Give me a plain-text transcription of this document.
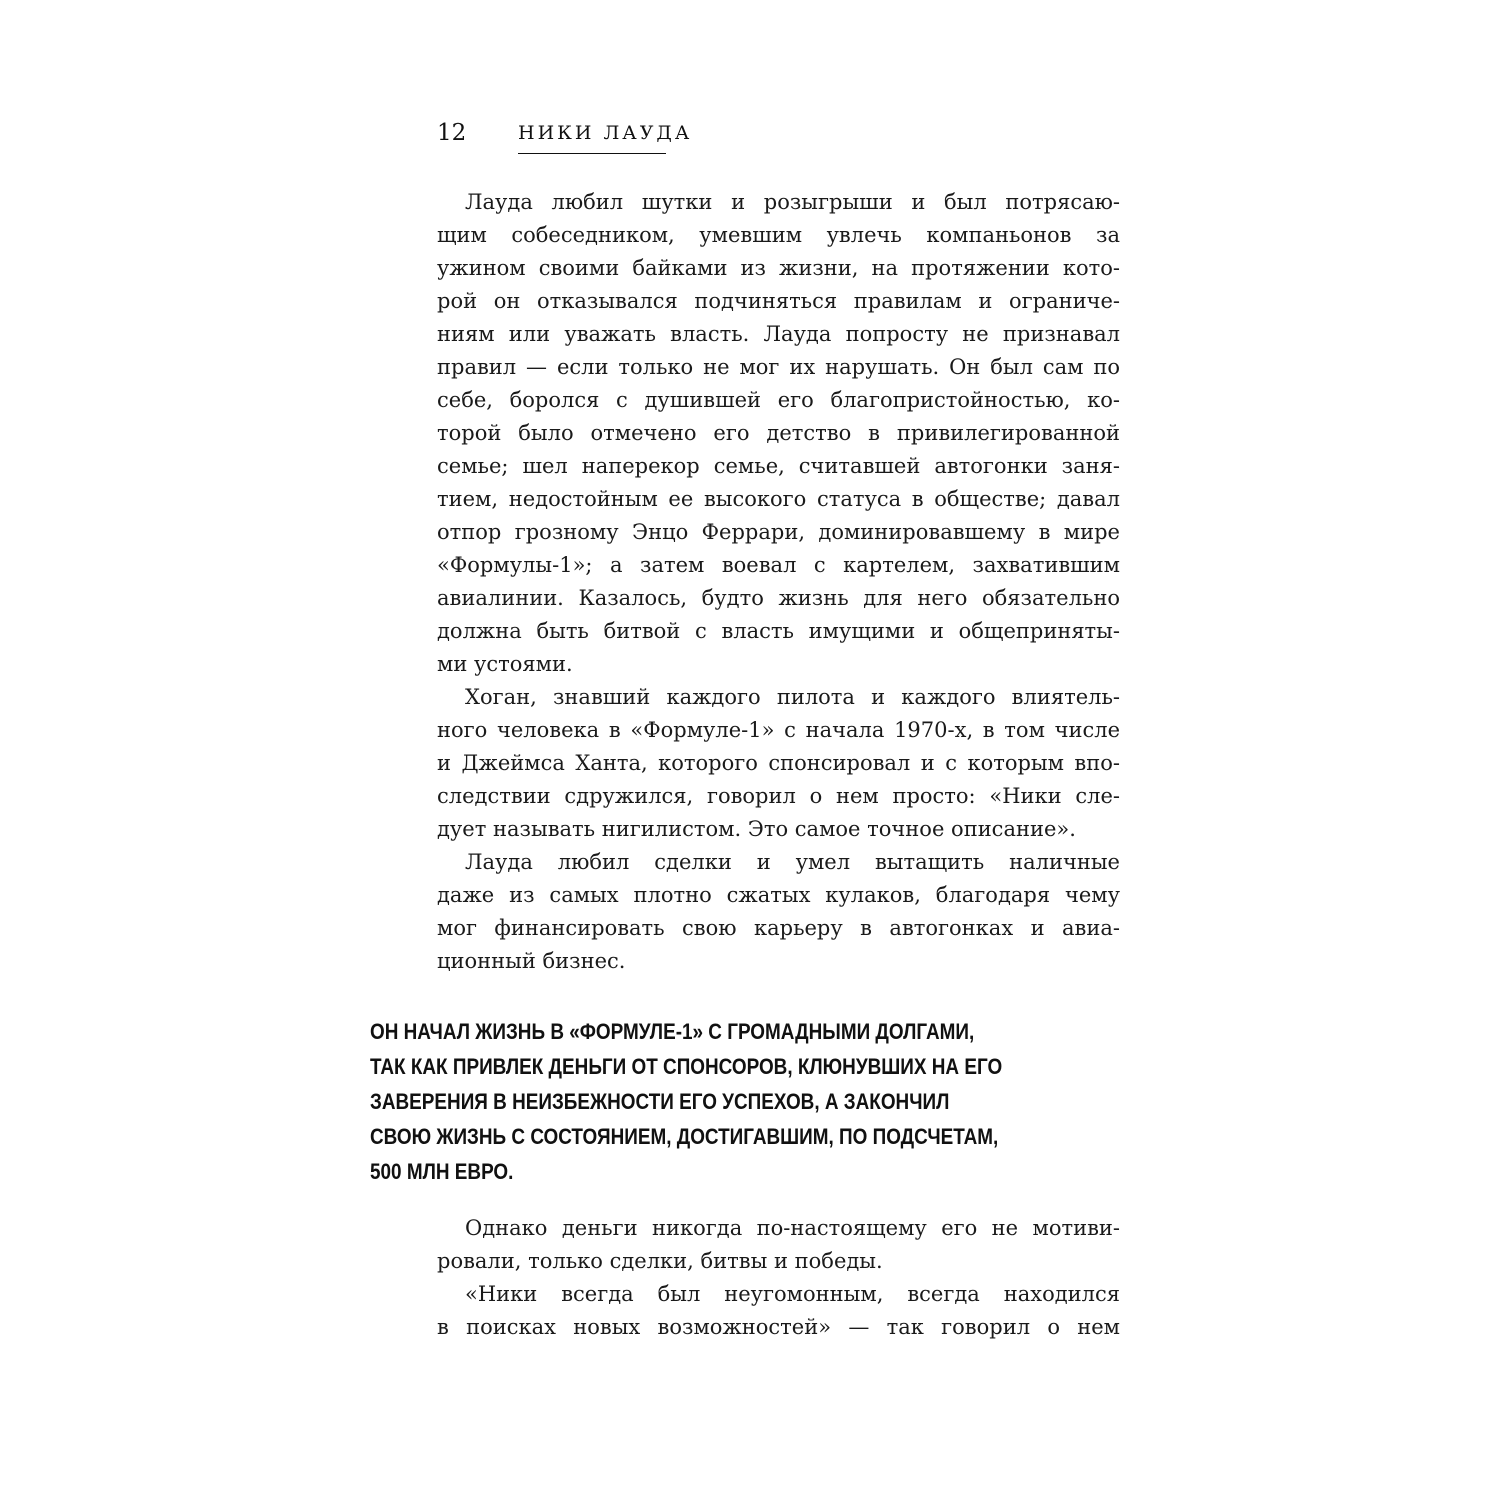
12	НИКИ ЛАУДА
Лауда любил шутки и розыгрыши и был потрясаю-
щим собеседником, умевшим увлечь компаньонов за
ужином своими байками из жизни, на протяжении кото-
рой он отказывался подчиняться правилам и ограниче-
ниям или уважать власть. Лауда попросту не признавал
правил — если только не мог их нарушать. Он был сам по
себе, боролся с душившей его благопристойностью, ко-
торой было отмечено его детство в привилегированной
семье; шел наперекор семье, считавшей автогонки заня-
тием, недостойным ее высокого статуса в обществе; давал
отпор грозному Энцо Феррари, доминировавшему в мире
«Формулы-1»; а затем воевал с картелем, захватившим
авиалинии. Казалось, будто жизнь для него обязательно
должна быть битвой с власть имущими и общеприняты-
ми устоями.
Хоган, знавший каждого пилота и каждого влиятель-
ного человека в «Формуле-1» с начала 1970-х, в том числе
и Джеймса Ханта, которого спонсировал и с которым впо-
следствии сдружился, говорил о нем просто: «Ники сле-
дует называть нигилистом. Это самое точное описание».
Лауда любил сделки и умел вытащить наличные
даже из самых плотно сжатых кулаков, благодаря чему
мог финансировать свою карьеру в автогонках и авиа-
ционный бизнес.
ОН НАЧАЛ ЖИЗНЬ В «ФОРМУЛЕ-1» С ГРОМАДНЫМИ ДОЛГАМИ,
ТАК КАК ПРИВЛЕК ДЕНЬГИ ОТ СПОНСОРОВ, КЛЮНУВШИХ НА ЕГО
ЗАВЕРЕНИЯ В НЕИЗБЕЖНОСТИ ЕГО УСПЕХОВ, А ЗАКОНЧИЛ
СВОЮ ЖИЗНЬ С СОСТОЯНИЕМ, ДОСТИГАВШИМ, ПО ПОДСЧЕТАМ,
500 МЛН ЕВРО.
Однако деньги никогда по-настоящему его не мотиви-
ровали, только сделки, битвы и победы.
«Ники всегда был неугомонным, всегда находился
в поисках новых возможностей» — так говорил о нем
